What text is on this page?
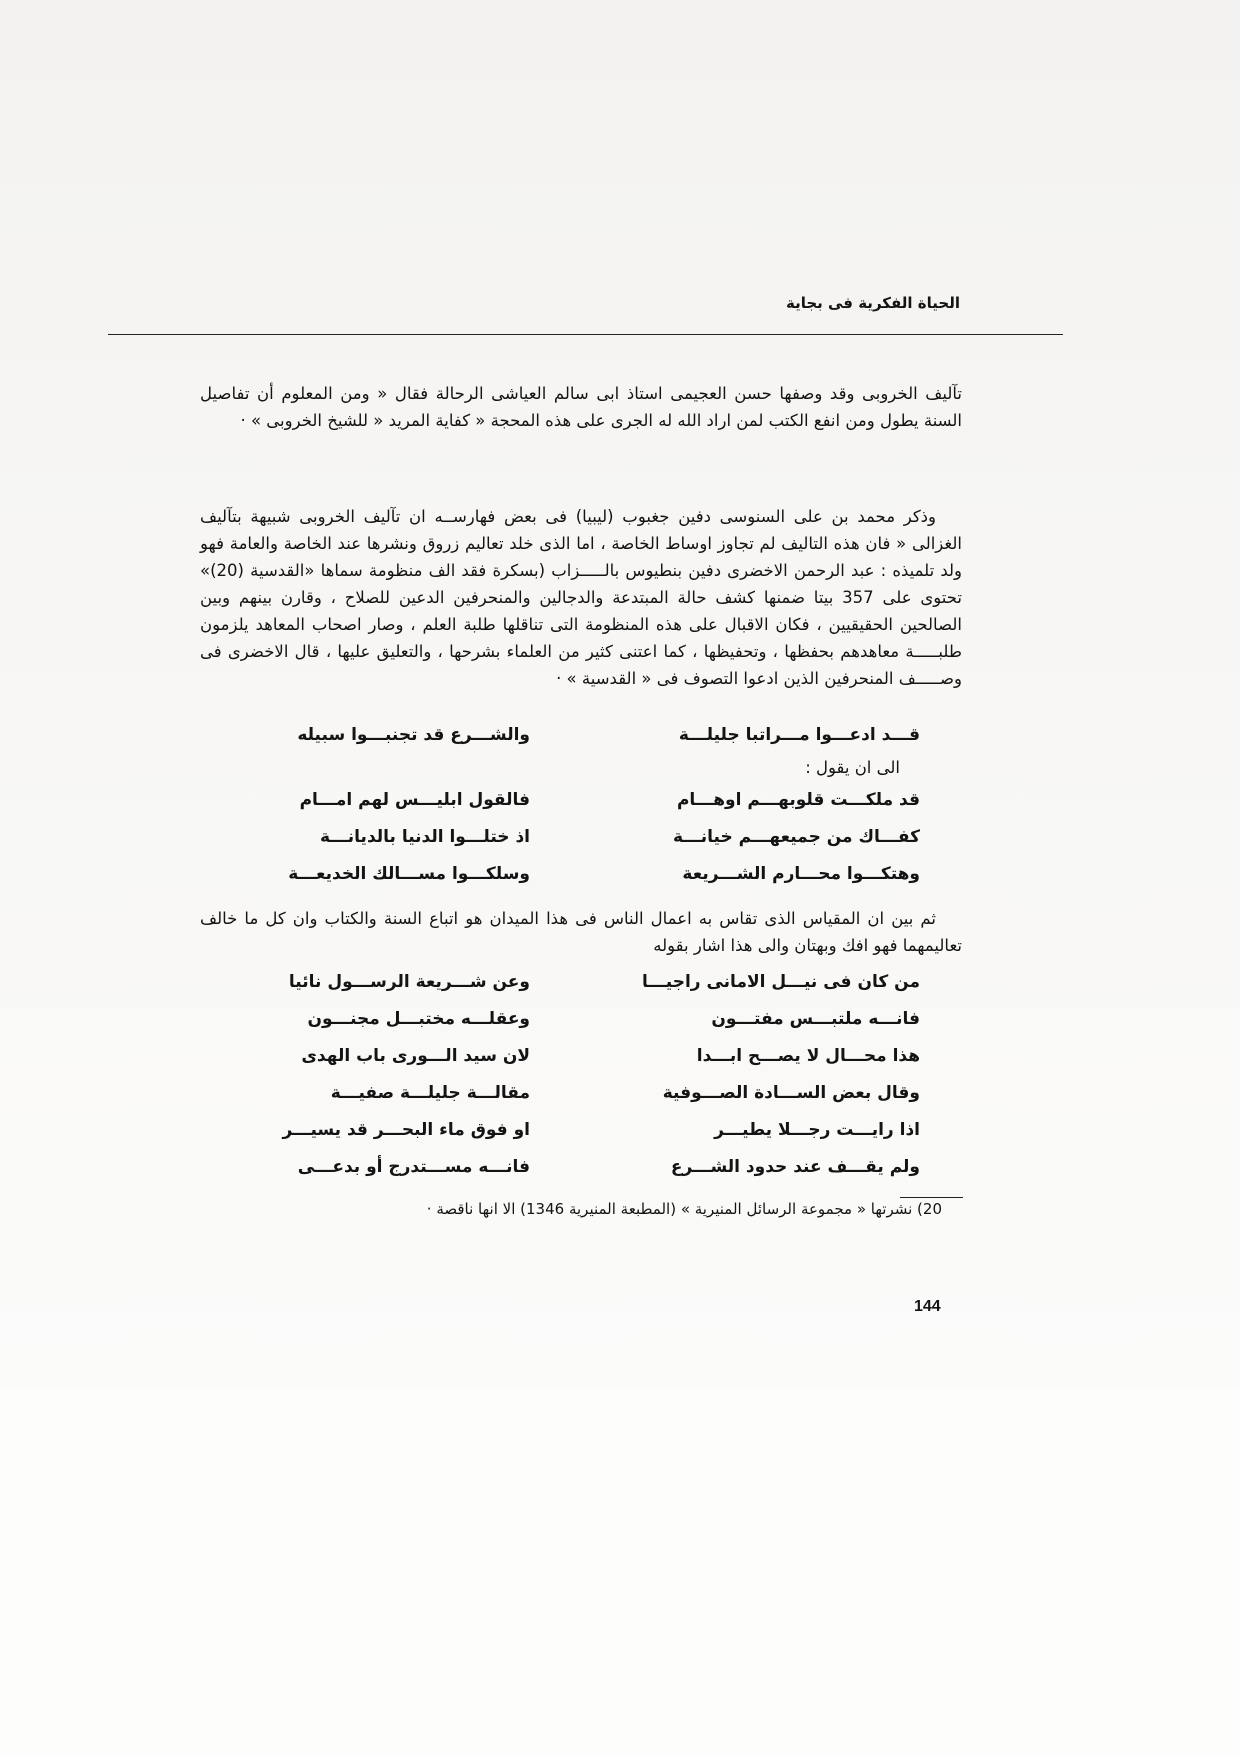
الحياة الفكرية فى بجاية

تآليف الخروبى وقد وصفها حسن العجيمى استاذ ابى سالم العياشى الرحالة فقال « ومن المعلوم أن تفاصيل السنة يطول ومن انفع الكتب لمن اراد الله له الجرى على هذه المحجة « كفاية المريد « للشيخ الخروبى » ·

وذكر محمد بن على السنوسى دفين جغبوب (ليبيا) فى بعض فهارســه ان تآليف الخروبى شبيهة بتآليف الغزالى « فان هذه التاليف لم تجاوز اوساط الخاصة ، اما الذى خلد تعاليم زروق ونشرها عند الخاصة والعامة فهو ولد تلميذه : عبد الرحمن الاخضرى دفين بنطيوس بالـــــزاب (بسكرة فقد الف منظومة سماها «القدسية (20)» تحتوى على 357 بيتا ضمنها كشف حالة المبتدعة والدجالين والمنحرفين الدعين للصلاح ، وقارن بينهم وبين الصالحين الحقيقيين ، فكان الاقبال على هذه المنظومة التى تناقلها طلبة العلم ، وصار اصحاب المعاهد يلزمون طلبـــــة معاهدهم بحفظها ، وتحفيظها ، كما اعتنى كثير من العلماء بشرحها ، والتعليق عليها ، قال الاخضرى فى وصـــــف المنحرفين الذين ادعوا التصوف فى « القدسية » ·

قـــد ادعـــوا مـــراتبا جليلـــة
والشـــرع قد تجنبـــوا سبيله
الى ان يقول :
قد ملكـــت قلوبهـــم اوهـــام
فالقول ابليـــس لهم امـــام
كفـــاك من جميعهـــم خيانـــة
اذ ختلـــوا الدنيا بالديانـــة
وهتكـــوا محـــارم الشـــريعة
وسلكـــوا مســـالك الخديعـــة

ثم بين ان المقياس الذى تقاس به اعمال الناس فى هذا الميدان هو اتباع السنة والكتاب وان كل ما خالف تعاليمهما فهو افك وبهتان والى هذا اشار بقوله

من كان فى نيـــل الامانى راجيـــا
وعن شـــريعة الرســـول نائيا
فانـــه ملتبـــس مفتـــون
وعقلـــه مختبـــل مجنـــون
هذا محـــال لا يصـــح ابـــدا
لان سيد الـــورى باب الهدى
وقال بعض الســـادة الصـــوفية
مقالـــة جليلـــة صفيـــة
اذا رايـــت رجـــلا يطيـــر
او فوق ماء البحـــر قد يسيـــر
ولم يقـــف عند حدود الشـــرع
فانـــه مســـتدرج أو بدعـــى
20) نشرتها « مجموعة الرسائل المنيرية » (المطبعة المنيرية 1346) الا انها ناقصة ·
144
